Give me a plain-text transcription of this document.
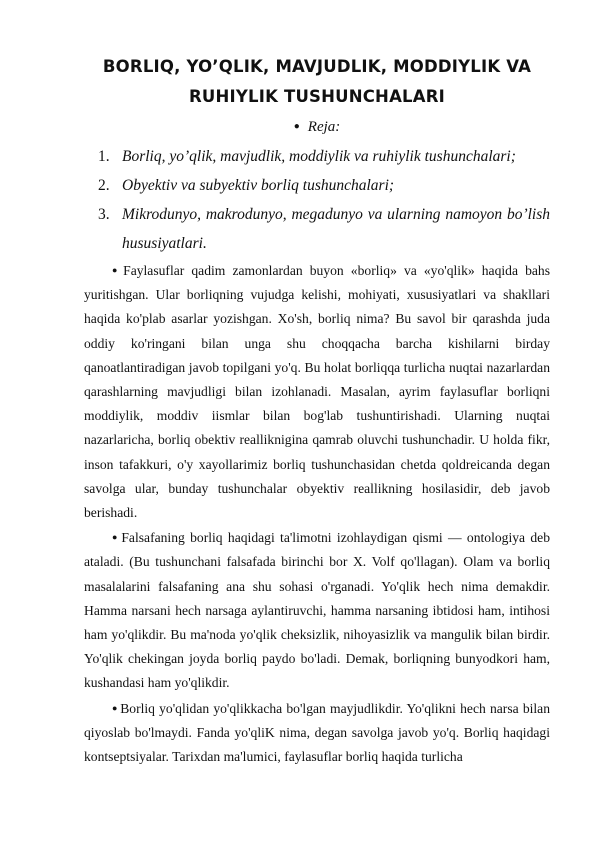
BORLIQ, YO’QLIK, MAVJUDLIK, MODDIYLIK VA
RUHIYLIK TUSHUNCHALARI
● Reja:
1. Borliq, yo’qlik, mavjudlik, moddiylik va ruhiylik tushunchalari;
2. Obyektiv va subyektiv borliq tushunchalari;
3. Mikrodunyo, makrodunyo, megadunyo va ularning namoyon bo’lish hususiyatlari.

● Faylasuflar qadim zamonlardan buyon «borliq» va «yo'qlik» haqida bahs yuritishgan. Ular borliqning vujudga kelishi, mohiyati, xususiyatlari va shakllari haqida ko'plab asarlar yozishgan. Xo'sh, borliq nima? Bu savol bir qarashda juda oddiy ko'ringani bilan unga shu choqqacha barcha kishilarni birday qanoatlantiradigan javob topilgani yo'q. Bu holat borliqqa turlicha nuqtai nazarlardan qarashlarning mavjudligi bilan izohlanadi. Masalan, ayrim faylasuflar borliqni moddiylik, moddiv iismlar bilan bog'lab tushuntirishadi. Ularning nuqtai nazarlaricha, borliq obektiv reallikniginа qamrab oluvchi tushunchadir. U holda fikr, inson tafakkuri, o'y xayollarimiz borliq tushunchasidan chetda qoldreicanda degan savolga ular, bunday tushunchalar obyektiv reallikning hosilasidir, deb javob berishadi.

● Falsafaning borliq haqidagi ta'limotni izohlaydigan qismi — ontologiya deb ataladi. (Bu tushunchani falsafada birinchi bor X. Volf qo'llagan). Olam va borliq masalalarini falsafaning ana shu sohasi o'rganadi. Yo'qlik hech nima demakdir. Hamma narsani hech narsaga aylantiruvchi, hamma narsaning ibtidosi ham, intihosi ham yo'qlikdir. Bu ma'noda yo'qlik cheksizlik, nihoyasizlik va mangulik bilan birdir. Yo'qlik chekingan joyda borliq paydo bo'ladi. Demak, borliqning bunyodkori ham, kushandasi ham yo'qlikdir.

● Borliq yo'qlidan yo'qlikkacha bo'lgan mayjudlikdir. Yo'qlikni hech narsa bilan qiyoslab bo'lmaydi. Fanda yo'qliK nima, degan savolga javob yo'q. Borliq haqidagi kontseptsiyalar. Tarixdan ma'lumici, faylasuflar borliq haqida turlicha
